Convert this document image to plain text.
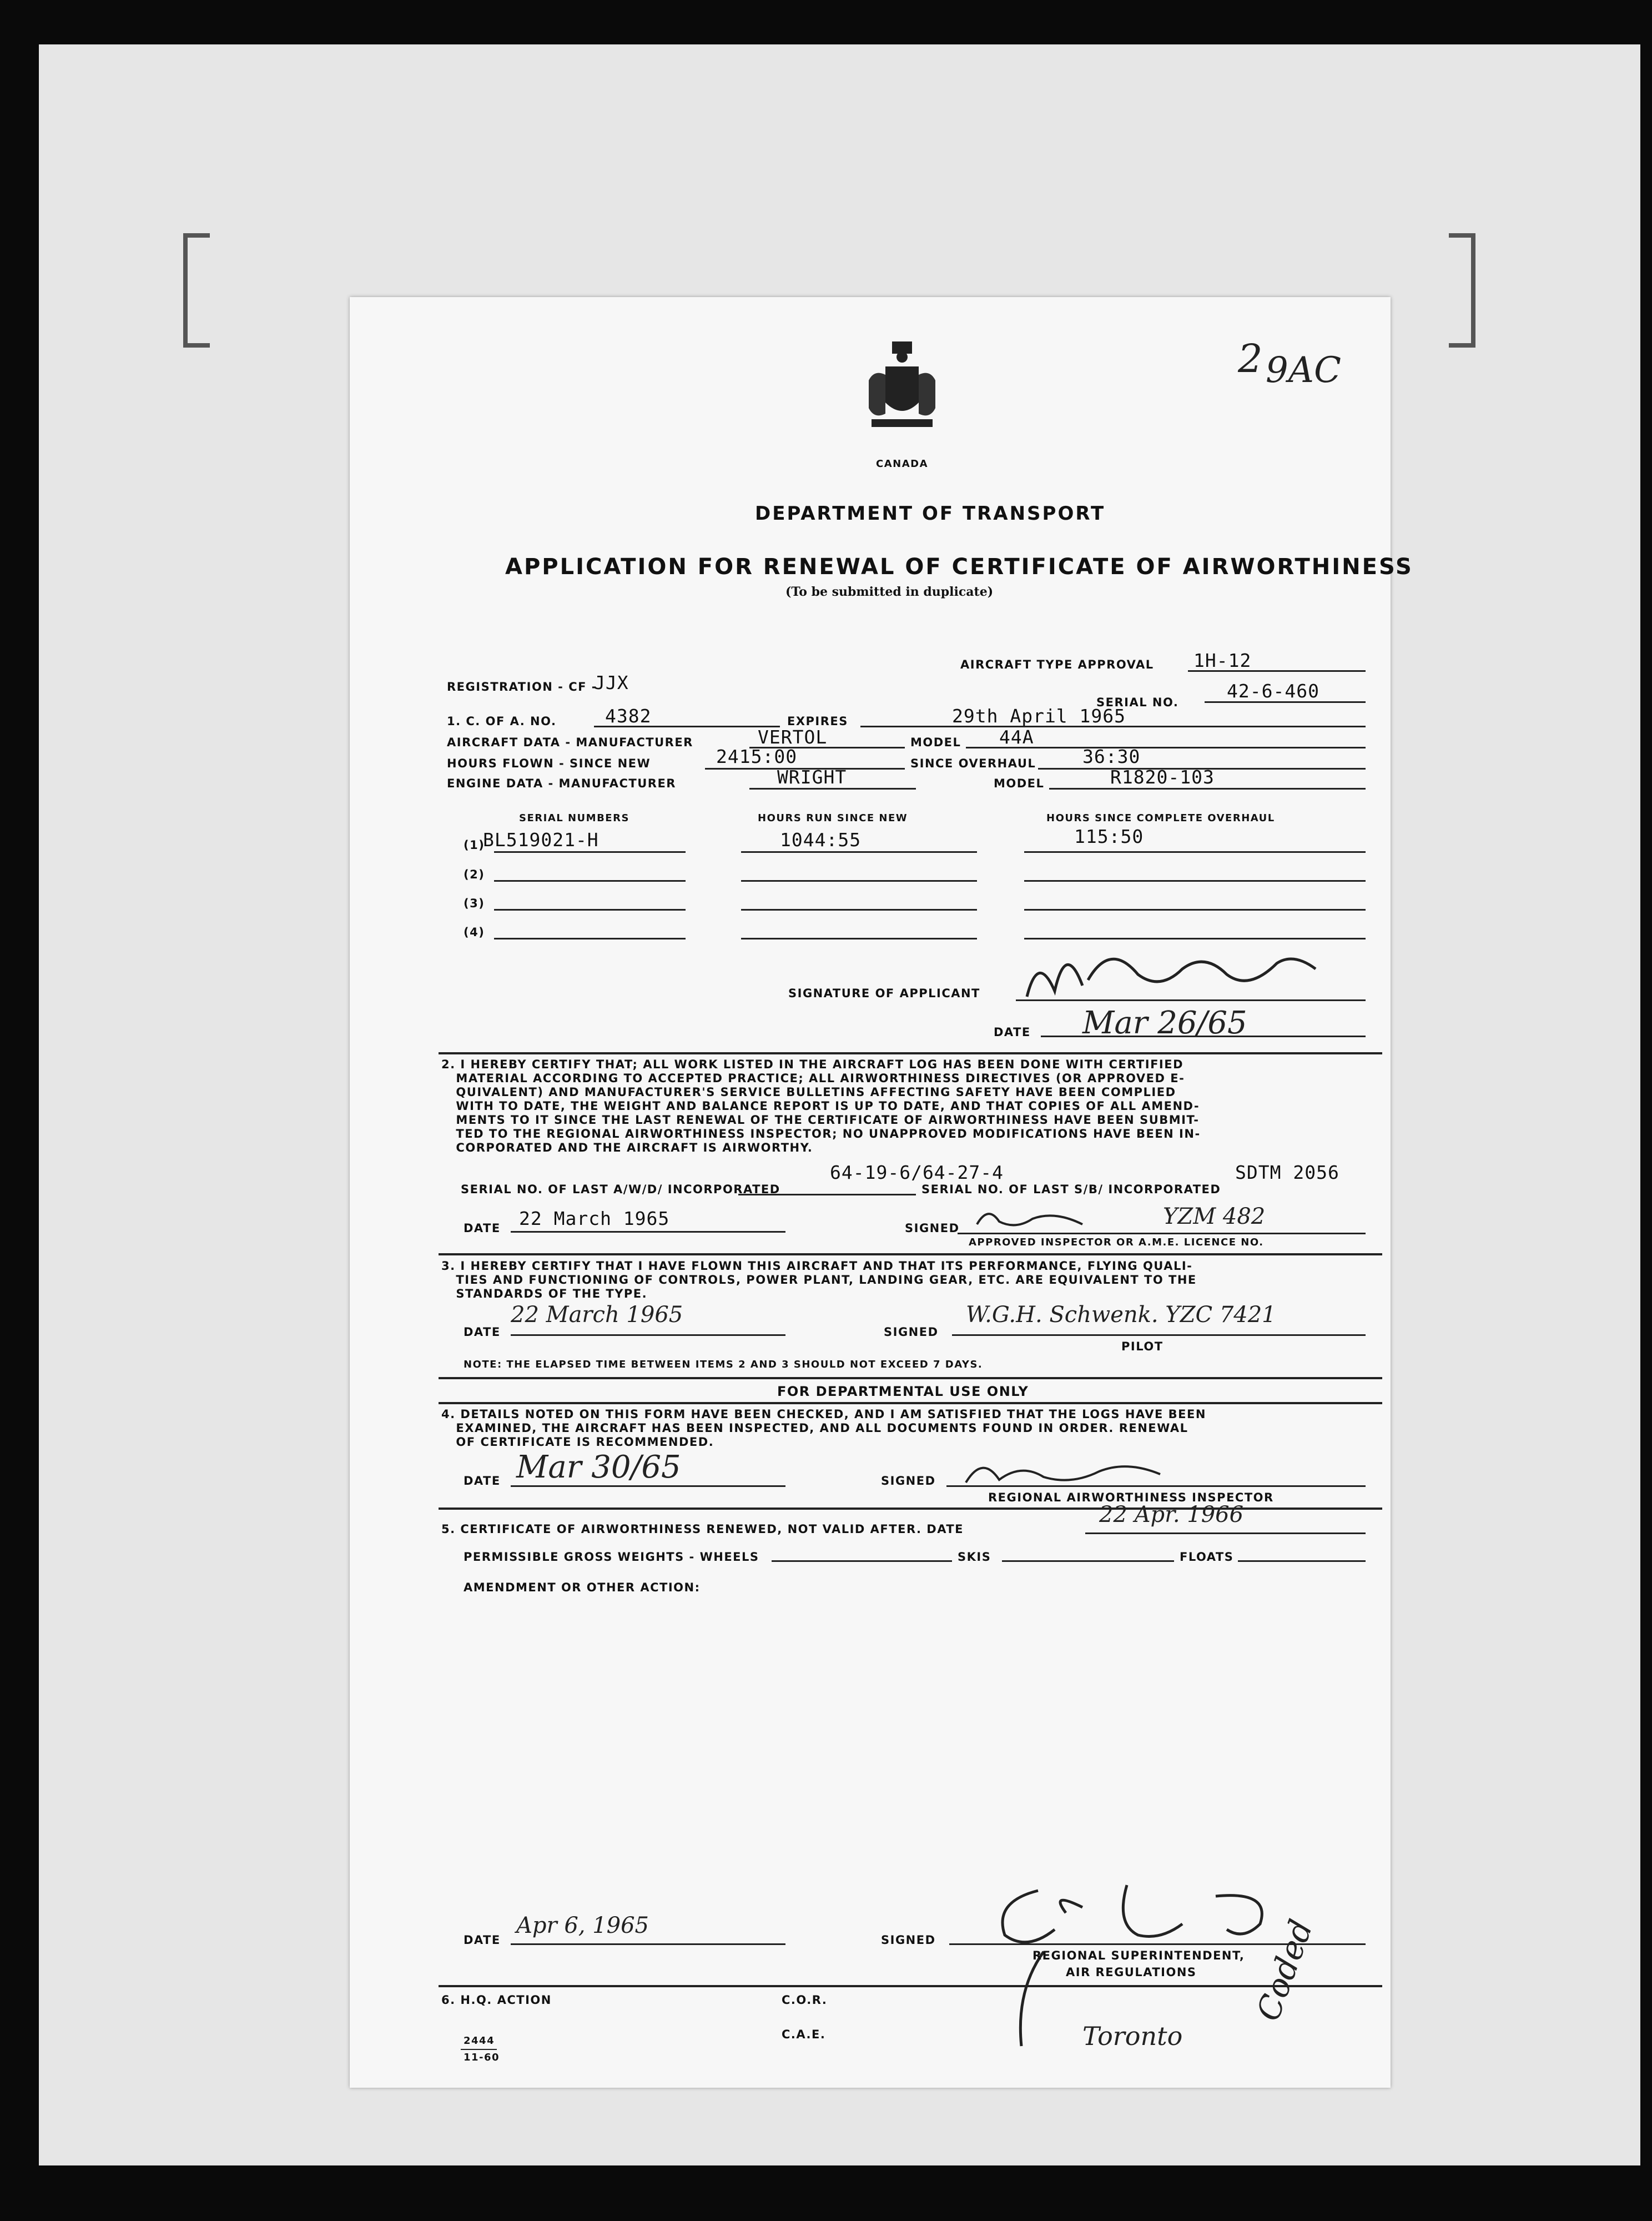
CANADA
2 9AC
DEPARTMENT OF TRANSPORT
APPLICATION FOR RENEWAL OF CERTIFICATE OF AIRWORTHINESS
(To be submitted in duplicate)
AIRCRAFT TYPE APPROVAL 1H-12
REGISTRATION - CF -
JJX
SERIAL NO.
42-6-460
1. C. OF A. NO.	4382	EXPIRES	29th April 1965
AIRCRAFT DATA - MANUFACTURER	VERTOL	MODEL 44A
HOURS FLOWN - SINCE NEW	2415:00	SINCE OVERHAUL	36:30
ENGINE DATA - MANUFACTURER	WRIGHT	MODEL	R1820-103
SERIAL NUMBERS	HOURS RUN SINCE NEW	HOURS SINCE COMPLETE OVERHAUL
(1)
BL519021-H	1044:55	115:50
(2)
(3)
(4)
SIGNATURE OF APPLICANT
DATE Mar 26/65
2. I HEREBY CERTIFY THAT; ALL WORK LISTED IN THE AIRCRAFT LOG HAS BEEN DONE WITH CERTIFIED
MATERIAL ACCORDING TO ACCEPTED PRACTICE; ALL AIRWORTHINESS DIRECTIVES (OR APPROVED E-
QUIVALENT) AND MANUFACTURER'S SERVICE BULLETINS AFFECTING SAFETY HAVE BEEN COMPLIED
WITH TO DATE, THE WEIGHT AND BALANCE REPORT IS UP TO DATE, AND THAT COPIES OF ALL AMEND-
MENTS TO IT SINCE THE LAST RENEWAL OF THE CERTIFICATE OF AIRWORTHINESS HAVE BEEN SUBMIT-
TED TO THE REGIONAL AIRWORTHINESS INSPECTOR; NO UNAPPROVED MODIFICATIONS HAVE BEEN IN-
CORPORATED AND THE AIRCRAFT IS AIRWORTHY.
SERIAL NO. OF LAST A/W/D/ INCORPORATED
64-19-6/64-27-4
SERIAL NO. OF LAST S/B/ INCORPORATED
SDTM 2056
DATE 22 March 1965	SIGNED	YZM 482
APPROVED INSPECTOR OR A.M.E. LICENCE NO.
3. I HEREBY CERTIFY THAT I HAVE FLOWN THIS AIRCRAFT AND THAT ITS PERFORMANCE, FLYING QUALI-
TIES AND FUNCTIONING OF CONTROLS, POWER PLANT, LANDING GEAR, ETC. ARE EQUIVALENT TO THE
STANDARDS OF THE TYPE.
DATE
22 March 1965
SIGNED
W.G.H. Schwenk. YZC 7421
PILOT
NOTE: THE ELAPSED TIME BETWEEN ITEMS 2 AND 3 SHOULD NOT EXCEED 7 DAYS.
FOR DEPARTMENTAL USE ONLY
4. DETAILS NOTED ON THIS FORM HAVE BEEN CHECKED, AND I AM SATISFIED THAT THE LOGS HAVE BEEN
EXAMINED, THE AIRCRAFT HAS BEEN INSPECTED, AND ALL DOCUMENTS FOUND IN ORDER. RENEWAL
OF CERTIFICATE IS RECOMMENDED.
DATE Mar 30/65	SIGNED
REGIONAL AIRWORTHINESS INSPECTOR
5. CERTIFICATE OF AIRWORTHINESS RENEWED, NOT VALID AFTER. DATE
22 Apr. 1966
PERMISSIBLE GROSS WEIGHTS - WHEELS	SKIS	FLOATS
AMENDMENT OR OTHER ACTION:
DATE
Apr 6, 1965
SIGNED
REGIONAL SUPERINTENDENT,
AIR REGULATIONS
6. H.Q. ACTION	C.O.R.
C.A.E.
2444
11-60
Toronto
Coded
